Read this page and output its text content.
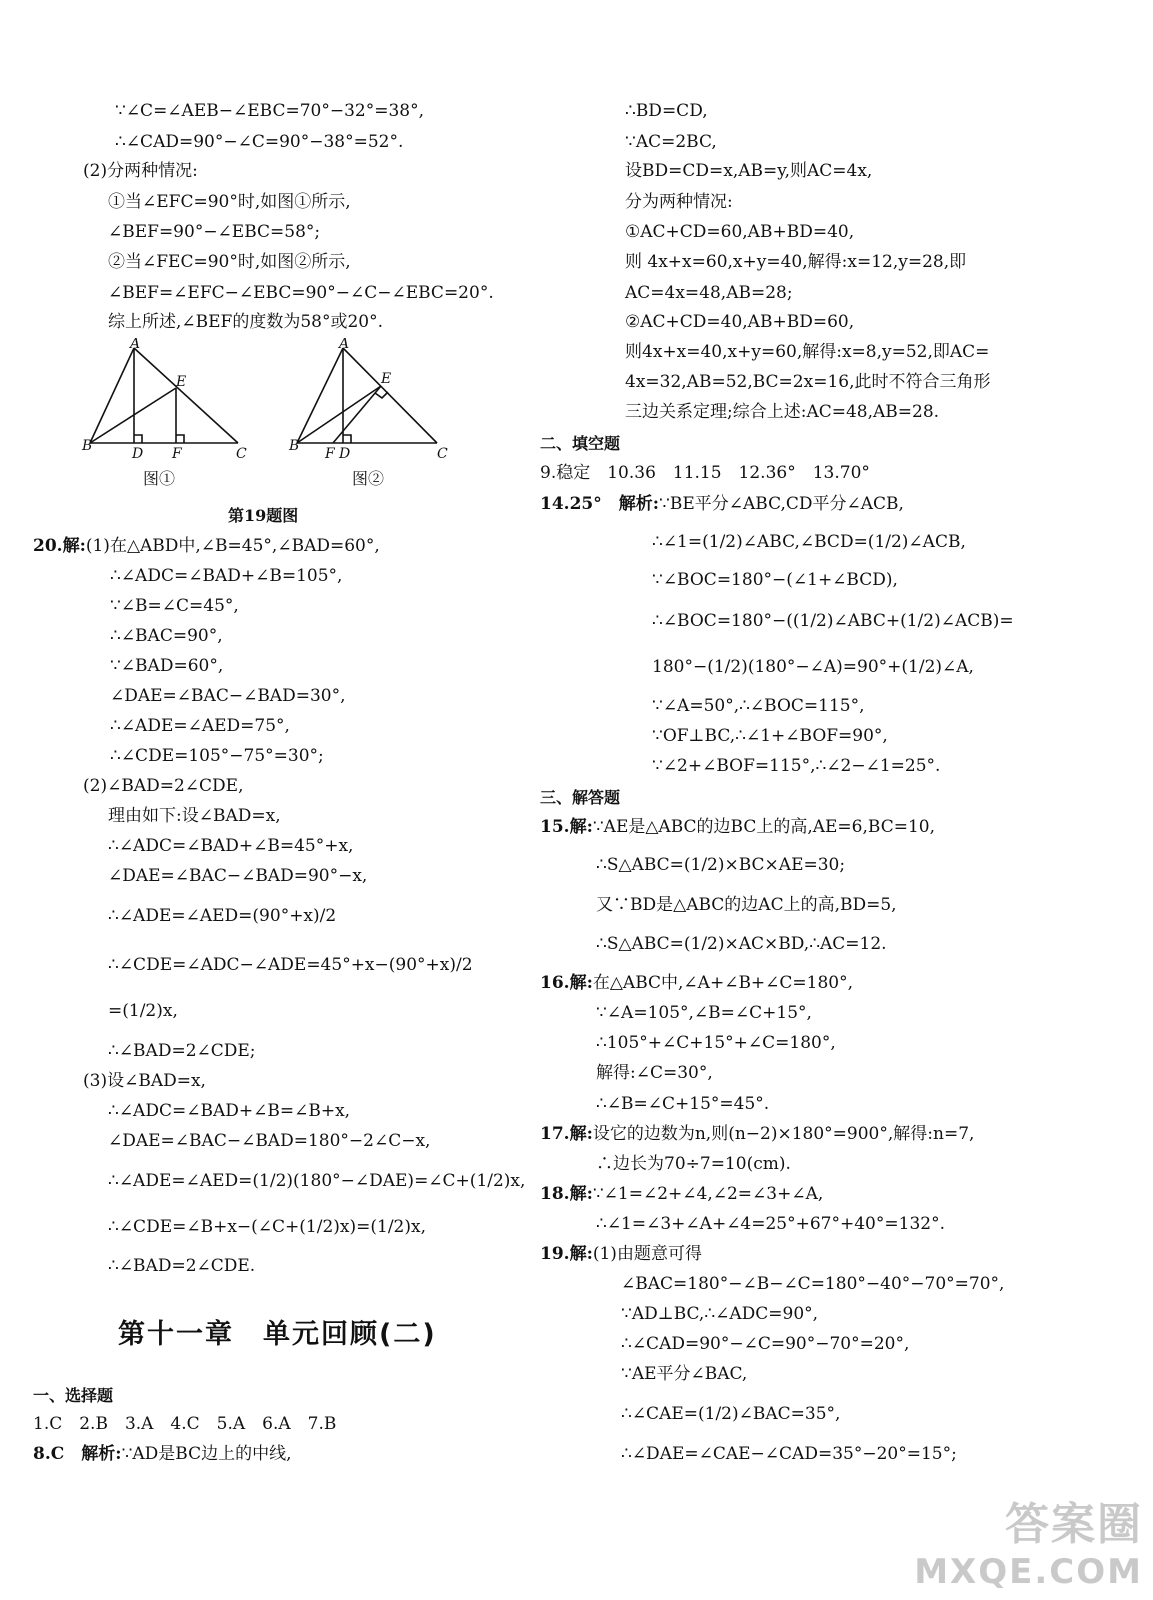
∵∠C=∠AEB−∠EBC=70°−32°=38°,
∴∠CAD=90°−∠C=90°−38°=52°.
(2)分两种情况:
①当∠EFC=90°时,如图①所示,
∠BEF=90°−∠EBC=58°;
②当∠FEC=90°时,如图②所示,
∠BEF=∠EFC−∠EBC=90°−∠C−∠EBC=20°.
综上所述,∠BEF的度数为58°或20°.
A
E
B	D F	C
图①
A
E
B F D	C
图②
第19题图
20.解:(1)在△ABD中,∠B=45°,∠BAD=60°,
∴∠ADC=∠BAD+∠B=105°,
∵∠B=∠C=45°,
∴∠BAC=90°,
∵∠BAD=60°,
∠DAE=∠BAC−∠BAD=30°,
∴∠ADE=∠AED=75°,
∴∠CDE=105°−75°=30°;
(2)∠BAD=2∠CDE,
理由如下:设∠BAD=x,
∴∠ADC=∠BAD+∠B=45°+x,
∠DAE=∠BAC−∠BAD=90°−x,
∴∠ADE=∠AED=(90°+x)/2
∴∠CDE=∠ADC−∠ADE=45°+x−(90°+x)/2
=(1/2)x,
∴∠BAD=2∠CDE;
(3)设∠BAD=x,
∴∠ADC=∠BAD+∠B=∠B+x,
∠DAE=∠BAC−∠BAD=180°−2∠C−x,
∴∠ADE=∠AED=(1/2)(180°−∠DAE)=∠C+(1/2)x,
∴∠CDE=∠B+x−(∠C+(1/2)x)=(1/2)x,
∴∠BAD=2∠CDE.
第十一章　单元回顾(二)
一、选择题
1.C　2.B　3.A　4.C　5.A　6.A　7.B
8.C　解析:∵AD是BC边上的中线,
∴BD=CD,
∵AC=2BC,
设BD=CD=x,AB=y,则AC=4x,
分为两种情况:
①AC+CD=60,AB+BD=40,
则 4x+x=60,x+y=40,解得:x=12,y=28,即
AC=4x=48,AB=28;
②AC+CD=40,AB+BD=60,
则4x+x=40,x+y=60,解得:x=8,y=52,即AC=
4x=32,AB=52,BC=2x=16,此时不符合三角形
三边关系定理;综合上述:AC=48,AB=28.
二、填空题
9.稳定　10.36　11.15　12.36°　13.70°
14.25°　解析:∵BE平分∠ABC,CD平分∠ACB,
∴∠1=(1/2)∠ABC,∠BCD=(1/2)∠ACB,
∵∠BOC=180°−(∠1+∠BCD),
∴∠BOC=180°−((1/2)∠ABC+(1/2)∠ACB)=
180°−(1/2)(180°−∠A)=90°+(1/2)∠A,
∵∠A=50°,∴∠BOC=115°,
∵OF⊥BC,∴∠1+∠BOF=90°,
∵∠2+∠BOF=115°,∴∠2−∠1=25°.
三、解答题
15.解:∵AE是△ABC的边BC上的高,AE=6,BC=10,
∴S△ABC=(1/2)×BC×AE=30;
又∵BD是△ABC的边AC上的高,BD=5,
∴S△ABC=(1/2)×AC×BD,∴AC=12.
16.解:在△ABC中,∠A+∠B+∠C=180°,
∵∠A=105°,∠B=∠C+15°,
∴105°+∠C+15°+∠C=180°,
解得:∠C=30°,
∴∠B=∠C+15°=45°.
17.解:设它的边数为n,则(n−2)×180°=900°,解得:n=7,
∴边长为70÷7=10(cm).
18.解:∵∠1=∠2+∠4,∠2=∠3+∠A,
∴∠1=∠3+∠A+∠4=25°+67°+40°=132°.
19.解:(1)由题意可得
∠BAC=180°−∠B−∠C=180°−40°−70°=70°,
∵AD⊥BC,∴∠ADC=90°,
∴∠CAD=90°−∠C=90°−70°=20°,
∵AE平分∠BAC,
∴∠CAE=(1/2)∠BAC=35°,
∴∠DAE=∠CAE−∠CAD=35°−20°=15°;
答案圈
MXQE.COM
